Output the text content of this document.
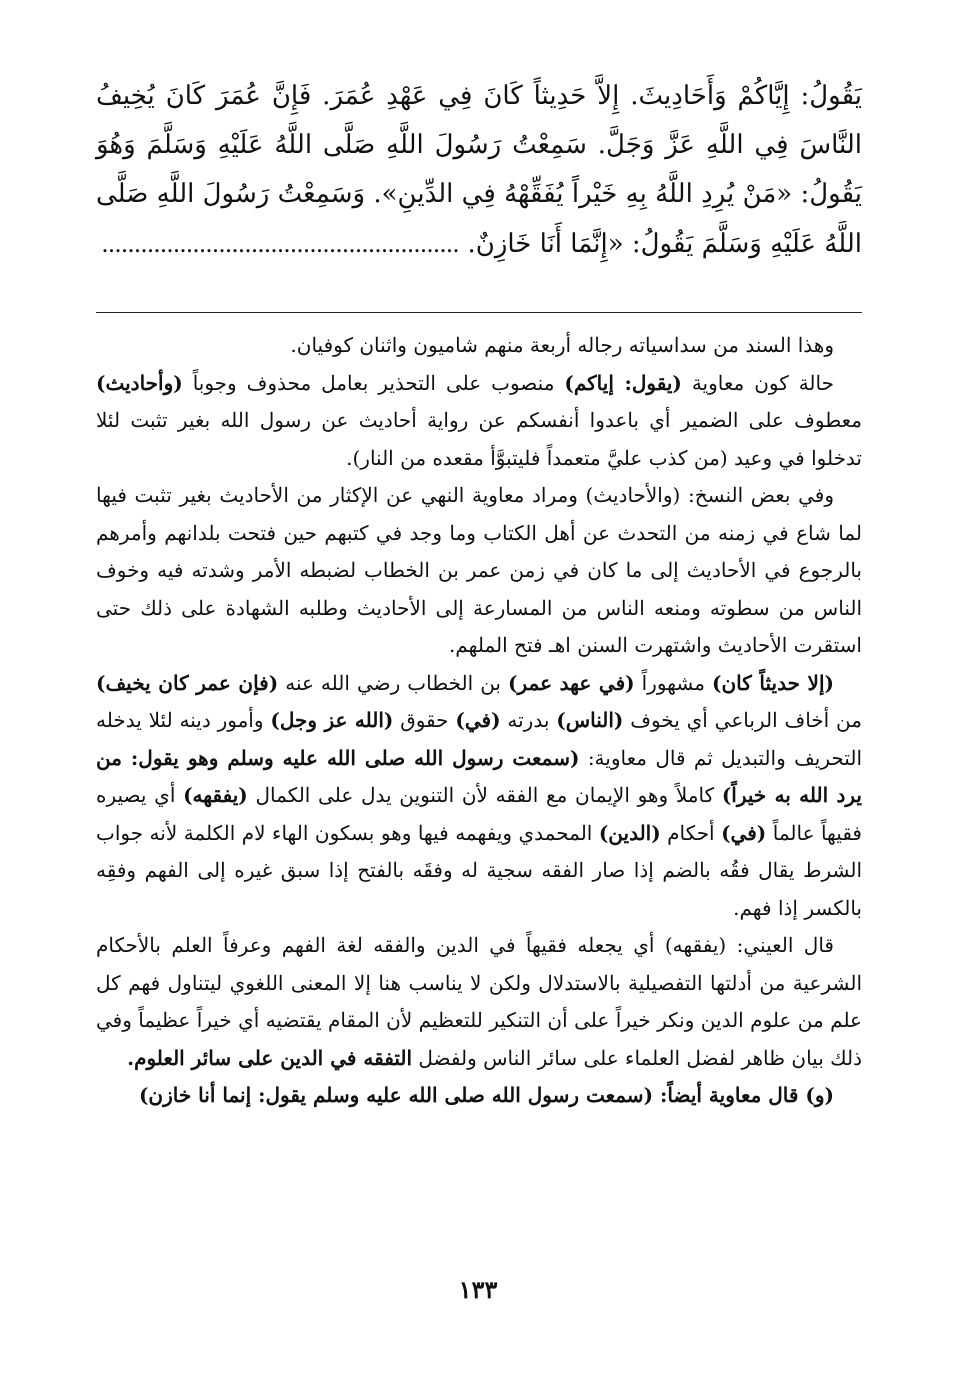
يَقُولُ: إِيَّاكُمْ وَأَحَادِيثَ. إِلاَّ حَدِيثاً كَانَ فِي عَهْدِ عُمَرَ. فَإِنَّ عُمَرَ كَانَ يُخِيفُ النَّاسَ فِي اللَّهِ عَزَّ وَجَلَّ. سَمِعْتُ رَسُولَ اللَّهِ صَلَّى اللَّهُ عَلَيْهِ وَسَلَّمَ وَهُوَ يَقُولُ: «مَنْ يُرِدِ اللَّهُ بِهِ خَيْراً يُفَقِّهْهُ فِي الدِّينِ». وَسَمِعْتُ رَسُولَ اللَّهِ صَلَّى اللَّهُ عَلَيْهِ وَسَلَّمَ يَقُولُ: «إِنَّمَا أَنَا خَازِنٌ. .......................................................

وهذا السند من سداسياته رجاله أربعة منهم شاميون واثنان كوفيان.

حالة كون معاوية (يقول: إياكم) منصوب على التحذير بعامل محذوف وجوباً (وأحاديث) معطوف على الضمير أي باعدوا أنفسكم عن رواية أحاديث عن رسول الله بغير تثبت لئلا تدخلوا في وعيد (من كذب عليَّ متعمداً فليتبوَّأ مقعده من النار).

وفي بعض النسخ: (والأحاديث) ومراد معاوية النهي عن الإكثار من الأحاديث بغير تثبت فيها لما شاع في زمنه من التحدث عن أهل الكتاب وما وجد في كتبهم حين فتحت بلدانهم وأمرهم بالرجوع في الأحاديث إلى ما كان في زمن عمر بن الخطاب لضبطه الأمر وشدته فيه وخوف الناس من سطوته ومنعه الناس من المسارعة إلى الأحاديث وطلبه الشهادة على ذلك حتى استقرت الأحاديث واشتهرت السنن اهـ فتح الملهم.

(إلا حديثاً كان) مشهوراً (في عهد عمر) بن الخطاب رضي الله عنه (فإن عمر كان يخيف) من أخاف الرباعي أي يخوف (الناس) بدرته (في) حقوق (الله عز وجل) وأمور دينه لئلا يدخله التحريف والتبديل ثم قال معاوية: (سمعت رسول الله صلى الله عليه وسلم وهو يقول: من يرد الله به خيراً) كاملاً وهو الإيمان مع الفقه لأن التنوين يدل على الكمال (يفقهه) أي يصيره فقيهاً عالماً (في) أحكام (الدين) المحمدي ويفهمه فيها وهو بسكون الهاء لام الكلمة لأنه جواب الشرط يقال فقُه بالضم إذا صار الفقه سجية له وفقَه بالفتح إذا سبق غيره إلى الفهم وفقِه بالكسر إذا فهم.

قال العيني: (يفقهه) أي يجعله فقيهاً في الدين والفقه لغة الفهم وعرفاً العلم بالأحكام الشرعية من أدلتها التفصيلية بالاستدلال ولكن لا يناسب هنا إلا المعنى اللغوي ليتناول فهم كل علم من علوم الدين ونكر خيراً على أن التنكير للتعظيم لأن المقام يقتضيه أي خيراً عظيماً وفي ذلك بيان ظاهر لفضل العلماء على سائر الناس ولفضل التفقه في الدين على سائر العلوم.

(و) قال معاوية أيضاً: (سمعت رسول الله صلى الله عليه وسلم يقول: إنما أنا خازن)

١٣٣
